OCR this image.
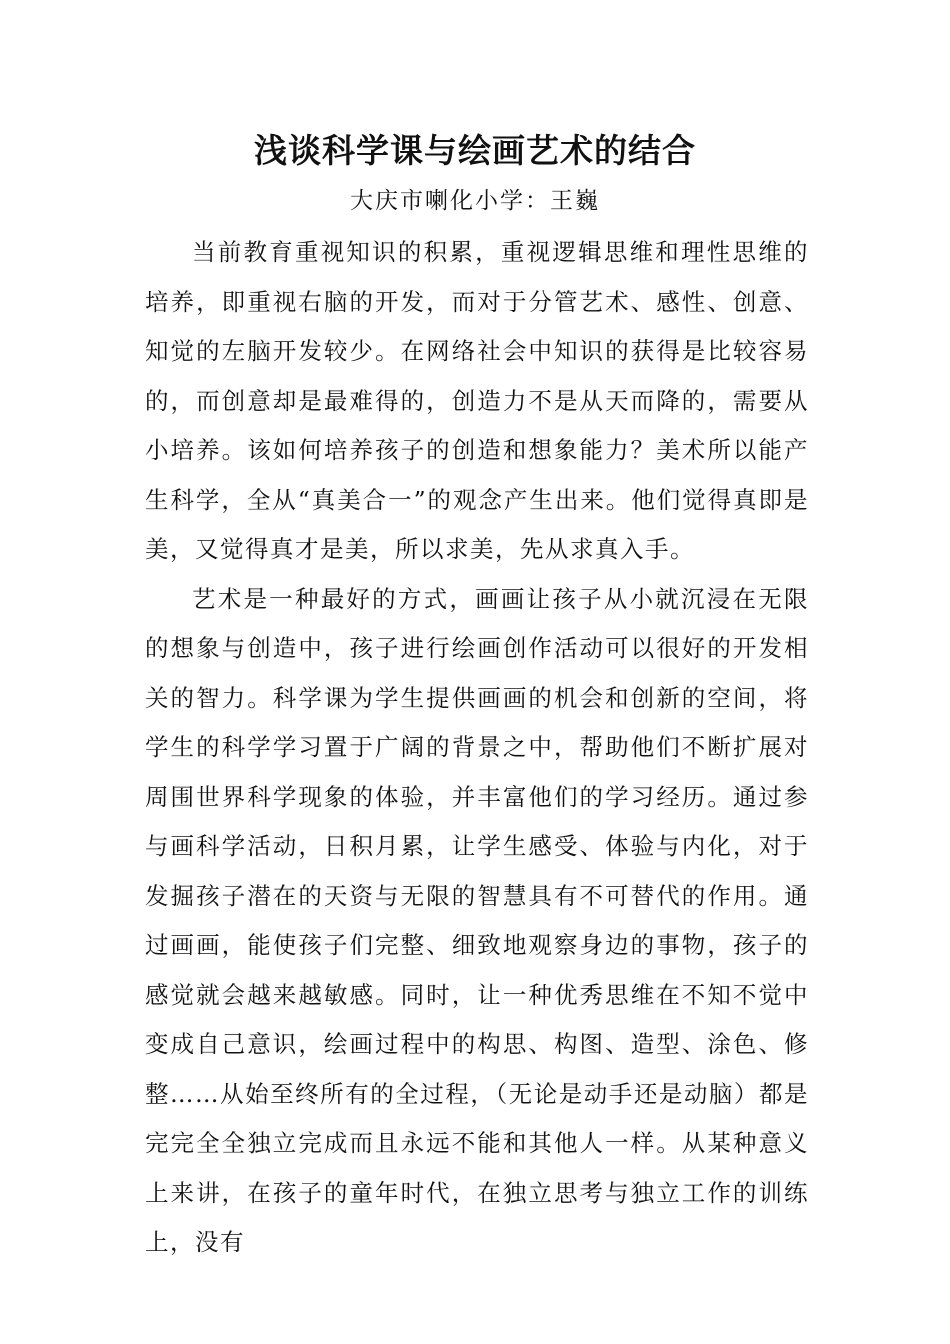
浅谈科学课与绘画艺术的结合
大庆市喇化小学：王巍

当前教育重视知识的积累，重视逻辑思维和理性思维的培养，即重视右脑的开发，而对于分管艺术、感性、创意、知觉的左脑开发较少。在网络社会中知识的获得是比较容易的，而创意却是最难得的，创造力不是从天而降的，需要从小培养。该如何培养孩子的创造和想象能力？美术所以能产生科学，全从“真美合一”的观念产生出来。他们觉得真即是美，又觉得真才是美，所以求美，先从求真入手。

艺术是一种最好的方式，画画让孩子从小就沉浸在无限的想象与创造中，孩子进行绘画创作活动可以很好的开发相关的智力。科学课为学生提供画画的机会和创新的空间，将学生的科学学习置于广阔的背景之中，帮助他们不断扩展对周围世界科学现象的体验，并丰富他们的学习经历。通过参与画科学活动，日积月累，让学生感受、体验与内化，对于发掘孩子潜在的天资与无限的智慧具有不可替代的作用。通过画画，能使孩子们完整、细致地观察身边的事物，孩子的感觉就会越来越敏感。同时，让一种优秀思维在不知不觉中变成自己意识，绘画过程中的构思、构图、造型、涂色、修整……从始至终所有的全过程，（无论是动手还是动脑）都是完完全全独立完成而且永远不能和其他人一样。从某种意义上来讲，在孩子的童年时代，在独立思考与独立工作的训练上，没有
